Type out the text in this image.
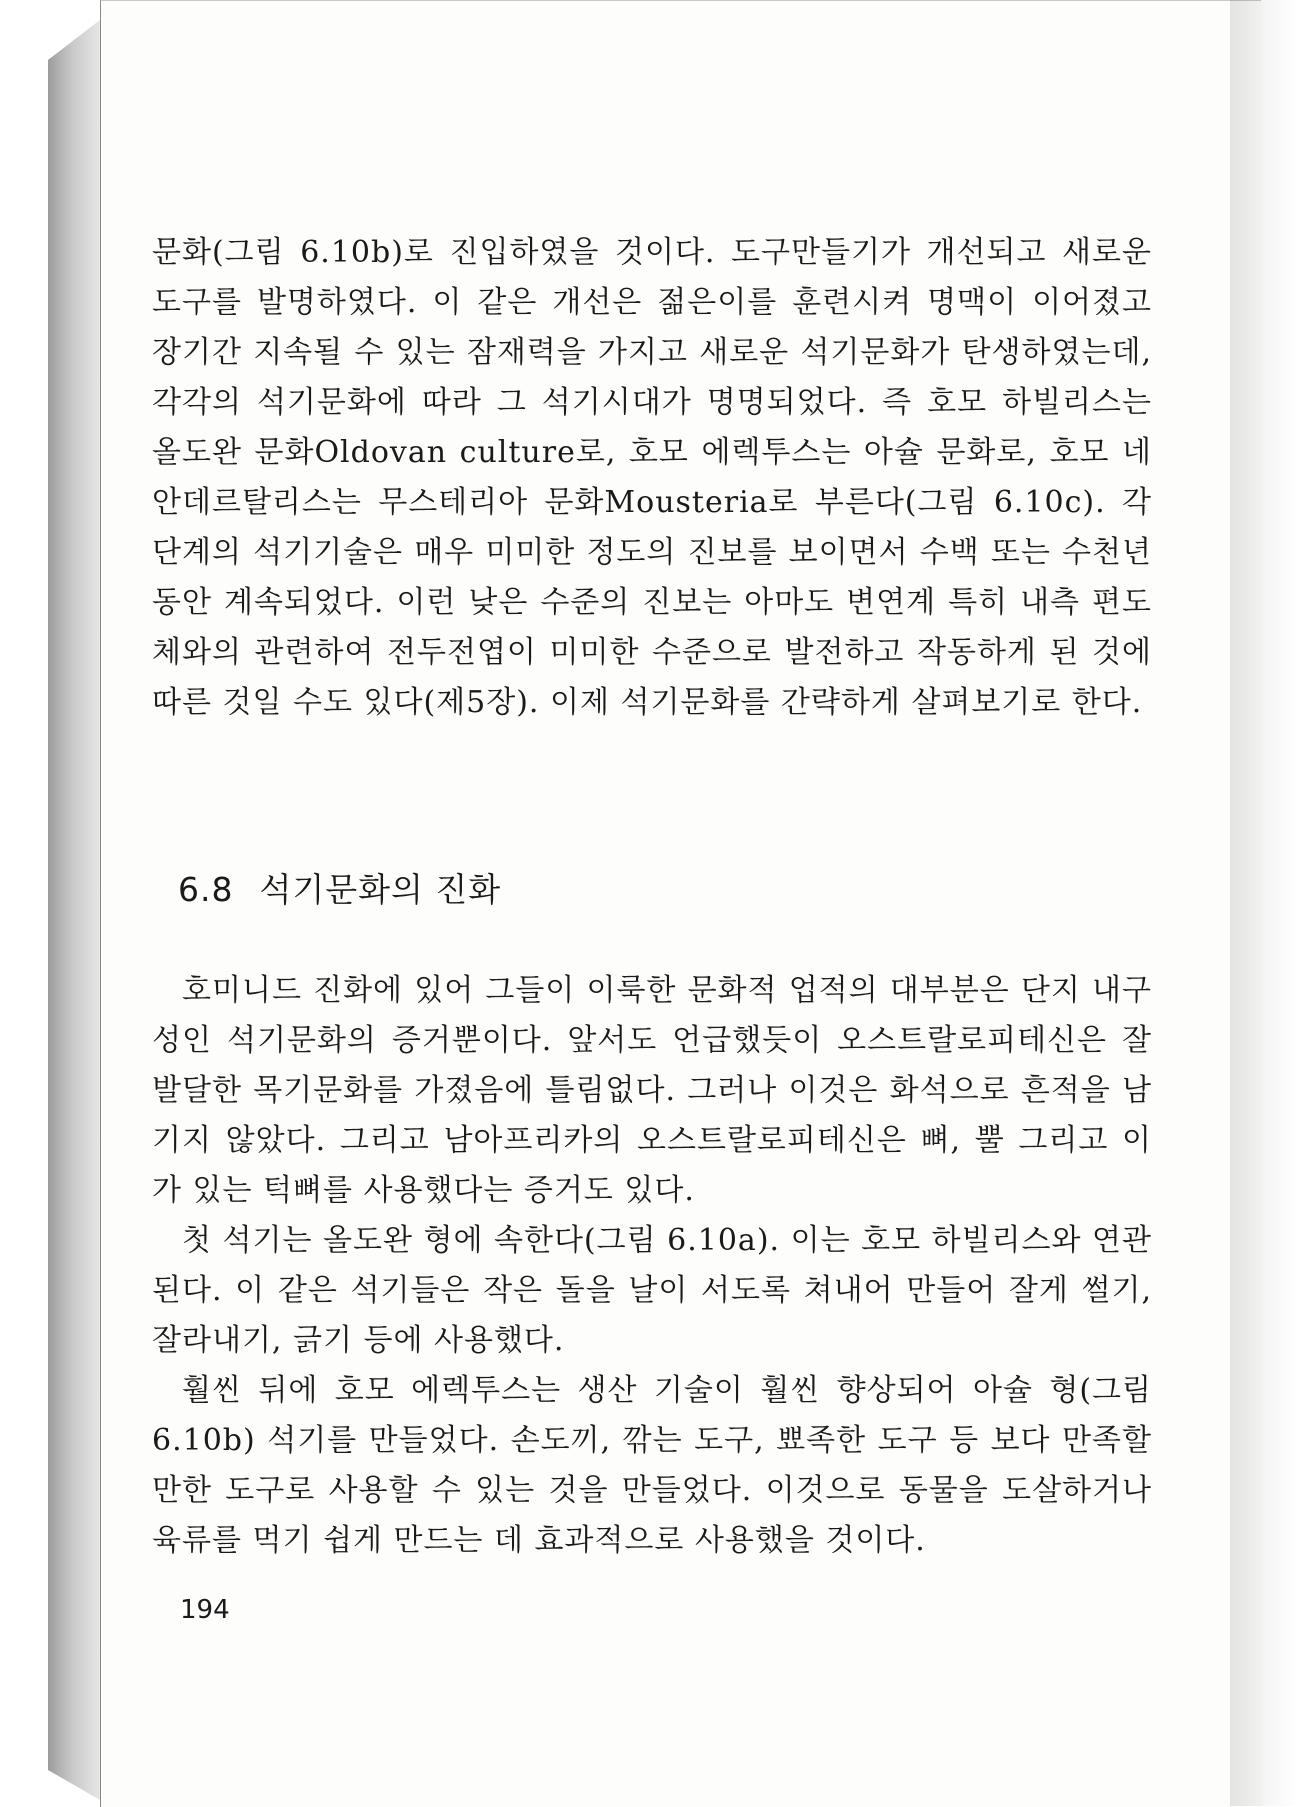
문화(그림 6.10b)로 진입하였을 것이다. 도구만들기가 개선되고 새로운 도구를 발명하였다. 이 같은 개선은 젊은이를 훈련시켜 명맥이 이어졌고 장기간 지속될 수 있는 잠재력을 가지고 새로운 석기문화가 탄생하였는데, 각각의 석기문화에 따라 그 석기시대가 명명되었다. 즉 호모 하빌리스는 올도완 문화Oldovan culture로, 호모 에렉투스는 아슐 문화로, 호모 네안데르탈리스는 무스테리아 문화Mousteria로 부른다(그림 6.10c). 각 단계의 석기기술은 매우 미미한 정도의 진보를 보이면서 수백 또는 수천년 동안 계속되었다. 이런 낮은 수준의 진보는 아마도 변연계 특히 내측 편도체와의 관련하여 전두전엽이 미미한 수준으로 발전하고 작동하게 된 것에 따른 것일 수도 있다(제5장). 이제 석기문화를 간략하게 살펴보기로 한다.

6.8 석기문화의 진화

호미니드 진화에 있어 그들이 이룩한 문화적 업적의 대부분은 단지 내구성인 석기문화의 증거뿐이다. 앞서도 언급했듯이 오스트랄로피테신은 잘 발달한 목기문화를 가졌음에 틀림없다. 그러나 이것은 화석으로 흔적을 남기지 않았다. 그리고 남아프리카의 오스트랄로피테신은 뼈, 뿔 그리고 이가 있는 턱뼈를 사용했다는 증거도 있다.

첫 석기는 올도완 형에 속한다(그림 6.10a). 이는 호모 하빌리스와 연관된다. 이 같은 석기들은 작은 돌을 날이 서도록 쳐내어 만들어 잘게 썰기, 잘라내기, 긁기 등에 사용했다.

훨씬 뒤에 호모 에렉투스는 생산 기술이 훨씬 향상되어 아슐 형(그림 6.10b) 석기를 만들었다. 손도끼, 깎는 도구, 뾰족한 도구 등 보다 만족할 만한 도구로 사용할 수 있는 것을 만들었다. 이것으로 동물을 도살하거나 육류를 먹기 쉽게 만드는 데 효과적으로 사용했을 것이다.

194
